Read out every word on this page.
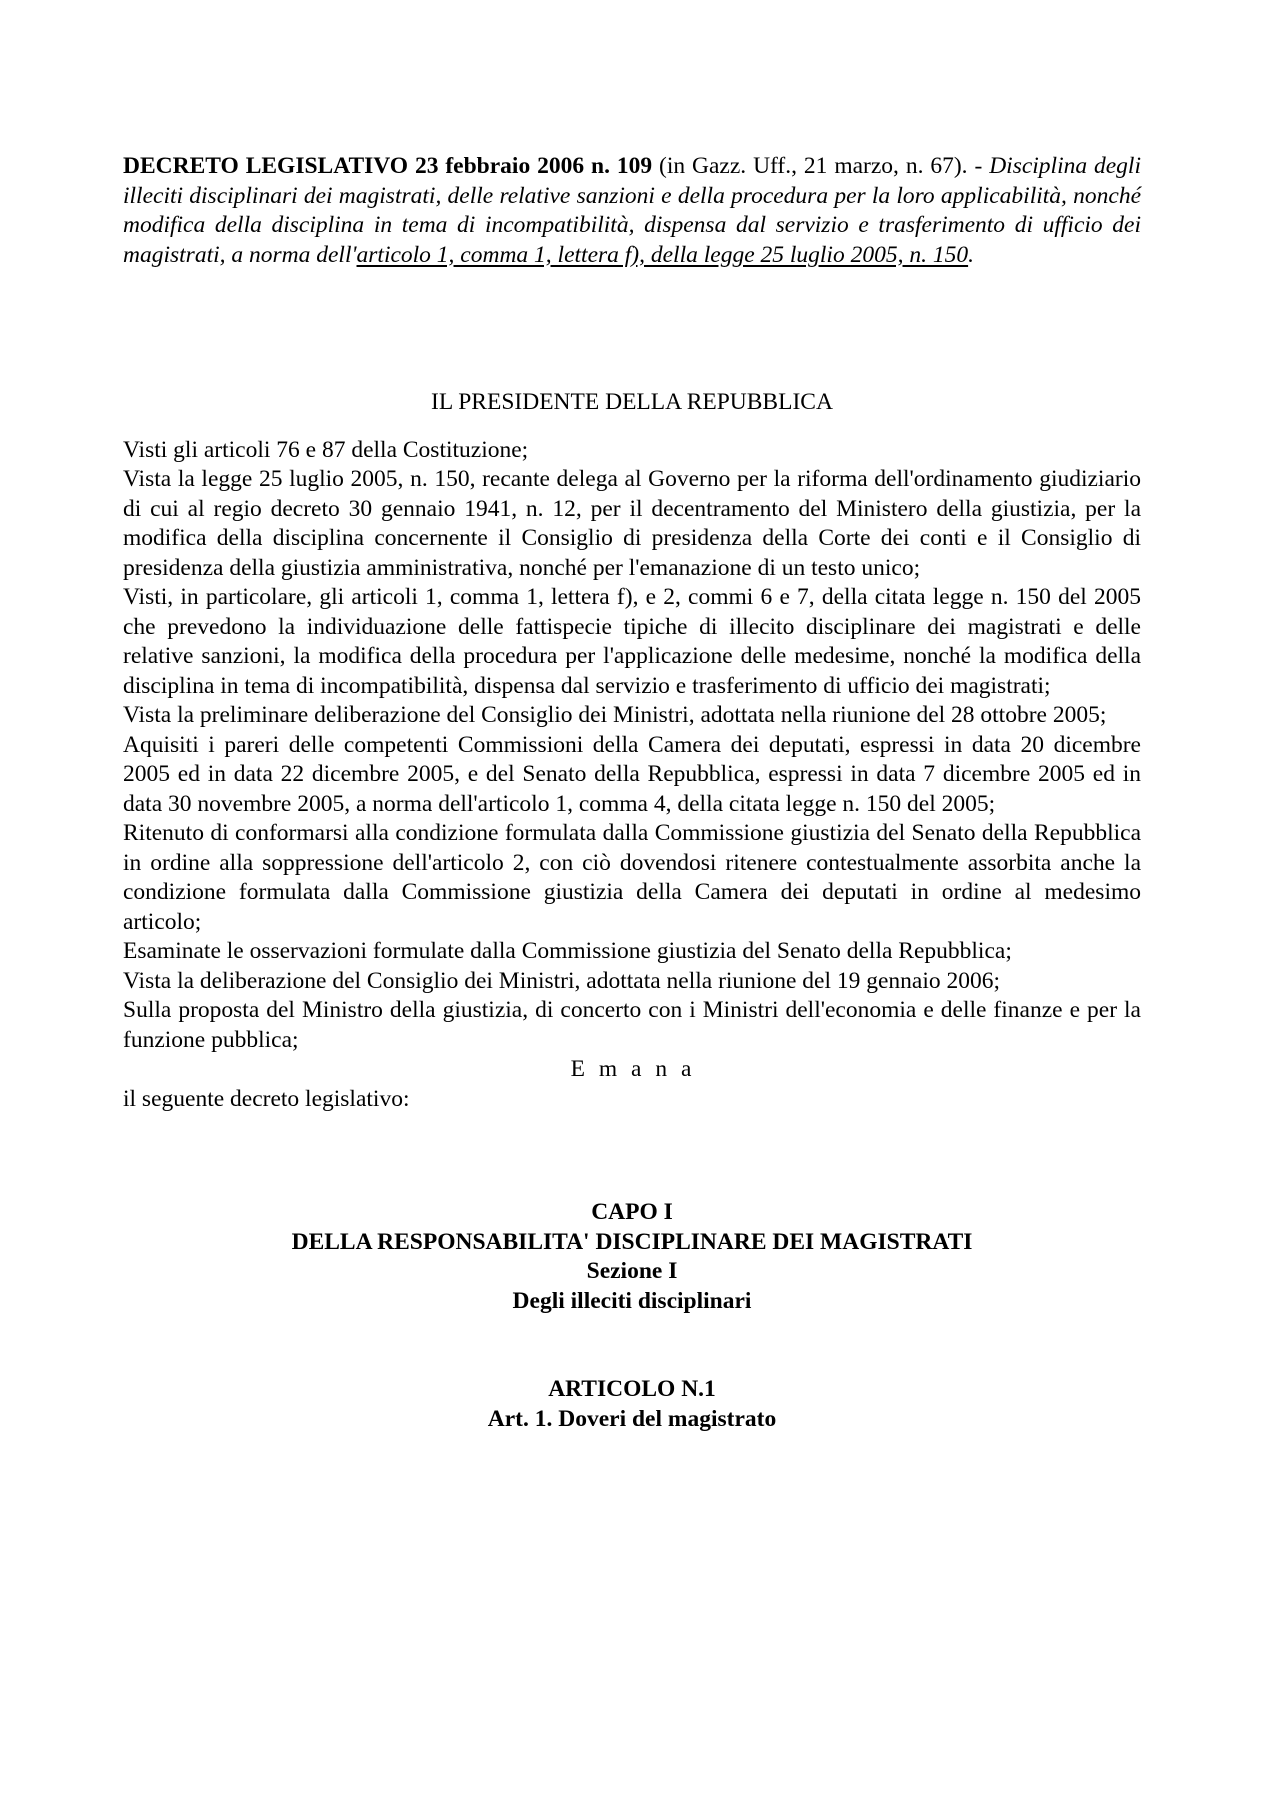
DECRETO LEGISLATIVO 23 febbraio 2006 n. 109 (in Gazz. Uff., 21 marzo, n. 67). - Disciplina degli illeciti disciplinari dei magistrati, delle relative sanzioni e della procedura per la loro applicabilità, nonché modifica della disciplina in tema di incompatibilità, dispensa dal servizio e trasferimento di ufficio dei magistrati, a norma dell'articolo 1, comma 1, lettera f), della legge 25 luglio 2005, n. 150.

IL PRESIDENTE DELLA REPUBBLICA

Visti gli articoli 76 e 87 della Costituzione;
Vista la legge 25 luglio 2005, n. 150, recante delega al Governo per la riforma dell'ordinamento giudiziario di cui al regio decreto 30 gennaio 1941, n. 12, per il decentramento del Ministero della giustizia, per la modifica della disciplina concernente il Consiglio di presidenza della Corte dei conti e il Consiglio di presidenza della giustizia amministrativa, nonché per l'emanazione di un testo unico;
Visti, in particolare, gli articoli 1, comma 1, lettera f), e 2, commi 6 e 7, della citata legge n. 150 del 2005 che prevedono la individuazione delle fattispecie tipiche di illecito disciplinare dei magistrati e delle relative sanzioni, la modifica della procedura per l'applicazione delle medesime, nonché la modifica della disciplina in tema di incompatibilità, dispensa dal servizio e trasferimento di ufficio dei magistrati;
Vista la preliminare deliberazione del Consiglio dei Ministri, adottata nella riunione del 28 ottobre 2005;
Aquisiti i pareri delle competenti Commissioni della Camera dei deputati, espressi in data 20 dicembre 2005 ed in data 22 dicembre 2005, e del Senato della Repubblica, espressi in data 7 dicembre 2005 ed in data 30 novembre 2005, a norma dell'articolo 1, comma 4, della citata legge n. 150 del 2005;
Ritenuto di conformarsi alla condizione formulata dalla Commissione giustizia del Senato della Repubblica in ordine alla soppressione dell'articolo 2, con ciò dovendosi ritenere contestualmente assorbita anche la condizione formulata dalla Commissione giustizia della Camera dei deputati in ordine al medesimo articolo;
Esaminate le osservazioni formulate dalla Commissione giustizia del Senato della Repubblica;
Vista la deliberazione del Consiglio dei Ministri, adottata nella riunione del 19 gennaio 2006;
Sulla proposta del Ministro della giustizia, di concerto con i Ministri dell'economia e delle finanze e per la funzione pubblica;

E m a n a

il seguente decreto legislativo:

CAPO I
DELLA RESPONSABILITA' DISCIPLINARE DEI MAGISTRATI
Sezione I
Degli illeciti disciplinari
ARTICOLO N.1
Art. 1. Doveri del magistrato
